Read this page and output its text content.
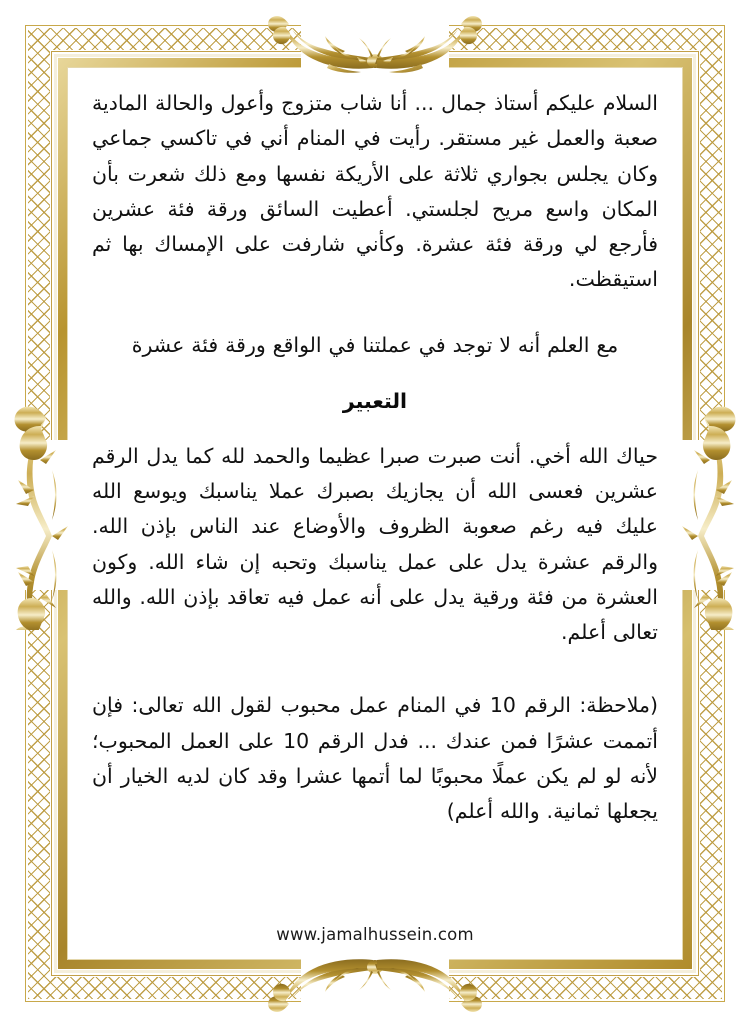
السلام عليكم أستاذ جمال ... أنا شاب متزوج وأعول والحالة المادية صعبة والعمل غير مستقر. رأيت في المنام أني في تاكسي جماعي وكان يجلس بجواري ثلاثة على الأريكة نفسها ومع ذلك شعرت بأن المكان واسع مريح لجلستي. أعطيت السائق ورقة فئة عشرين فأرجع لي ورقة فئة عشرة. وكأني شارفت على الإمساك بها ثم استيقظت.

مع العلم أنه لا توجد في عملتنا في الواقع ورقة فئة عشرة

التعبير

حياك الله أخي. أنت صبرت صبرا عظيما والحمد لله كما يدل الرقم عشرين فعسى الله أن يجازيك بصبرك عملا يناسبك ويوسع الله عليك فيه رغم صعوبة الظروف والأوضاع عند الناس بإذن الله. والرقم عشرة يدل على عمل يناسبك وتحبه إن شاء الله. وكون العشرة من فئة ورقية يدل على أنه عمل فيه تعاقد بإذن الله. والله تعالى أعلم.

(ملاحظة: الرقم 10 في المنام عمل محبوب لقول الله تعالى: فإن أتممت عشرًا فمن عندك ... فدل الرقم 10 على العمل المحبوب؛ لأنه لو لم يكن عملًا محبوبًا لما أتمها عشرا وقد كان لديه الخيار أن يجعلها ثمانية. والله أعلم)

www.jamalhussein.com
